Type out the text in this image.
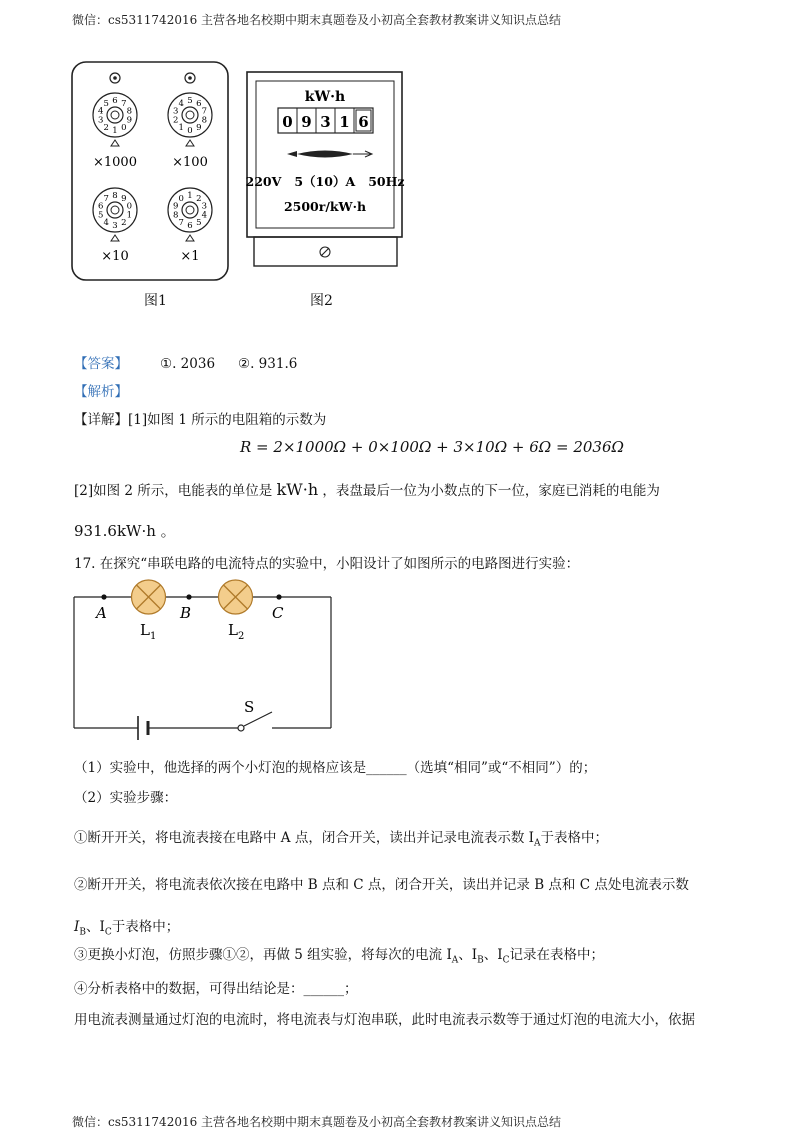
微信：cs5311742016 主营各地名校期中期末真题卷及小初高全套教材教案讲义知识点总结
0
1
2
3
4
5 6 7
8
9
0
1
2
3
4 5 6
7
8
9
0
1
2
3
4
5
6
7 8 9	0 1 2
3
4
5
6
7
8
9
×1000	×100
×10	×1
图1
kW·h
0 9 3 1 6
220V   5（10）A   50Hz
2500r/kW·h
图2
【答案】 ①. 2036 ②. 931.6
【解析】
【详解】[1]如图 1 所示的电阻箱的示数为
R = 2×1000Ω + 0×100Ω + 3×10Ω + 6Ω = 2036Ω
[2]如图 2 所示，电能表的单位是 kW·h ，表盘最后一位为小数点的下一位，家庭已消耗的电能为
931.6kW·h 。
17. 在探究“串联电路的电流特点的实验中，小阳设计了如图所示的电路图进行实验：
A	B	C
$L_1$	$L_2$
S
（1）实验中，他选择的两个小灯泡的规格应该是______（选填“相同”或“不相同”）的；
（2）实验步骤：
①断开开关，将电流表接在电路中 A 点，闭合开关，读出并记录电流表示数 $I_A$于表格中；
②断开开关，将电流表依次接在电路中 B 点和 C 点，闭合开关，读出并记录 B 点和 C 点处电流表示数
$I_B$、$I_C$于表格中；
③更换小灯泡，仿照步骤①②，再做 5 组实验，将每次的电流 $I_A$、$I_B$、$I_C$记录在表格中；
④分析表格中的数据，可得出结论是：______；
用电流表测量通过灯泡的电流时，将电流表与灯泡串联，此时电流表示数等于通过灯泡的电流大小，依据
微信：cs5311742016 主营各地名校期中期末真题卷及小初高全套教材教案讲义知识点总结
